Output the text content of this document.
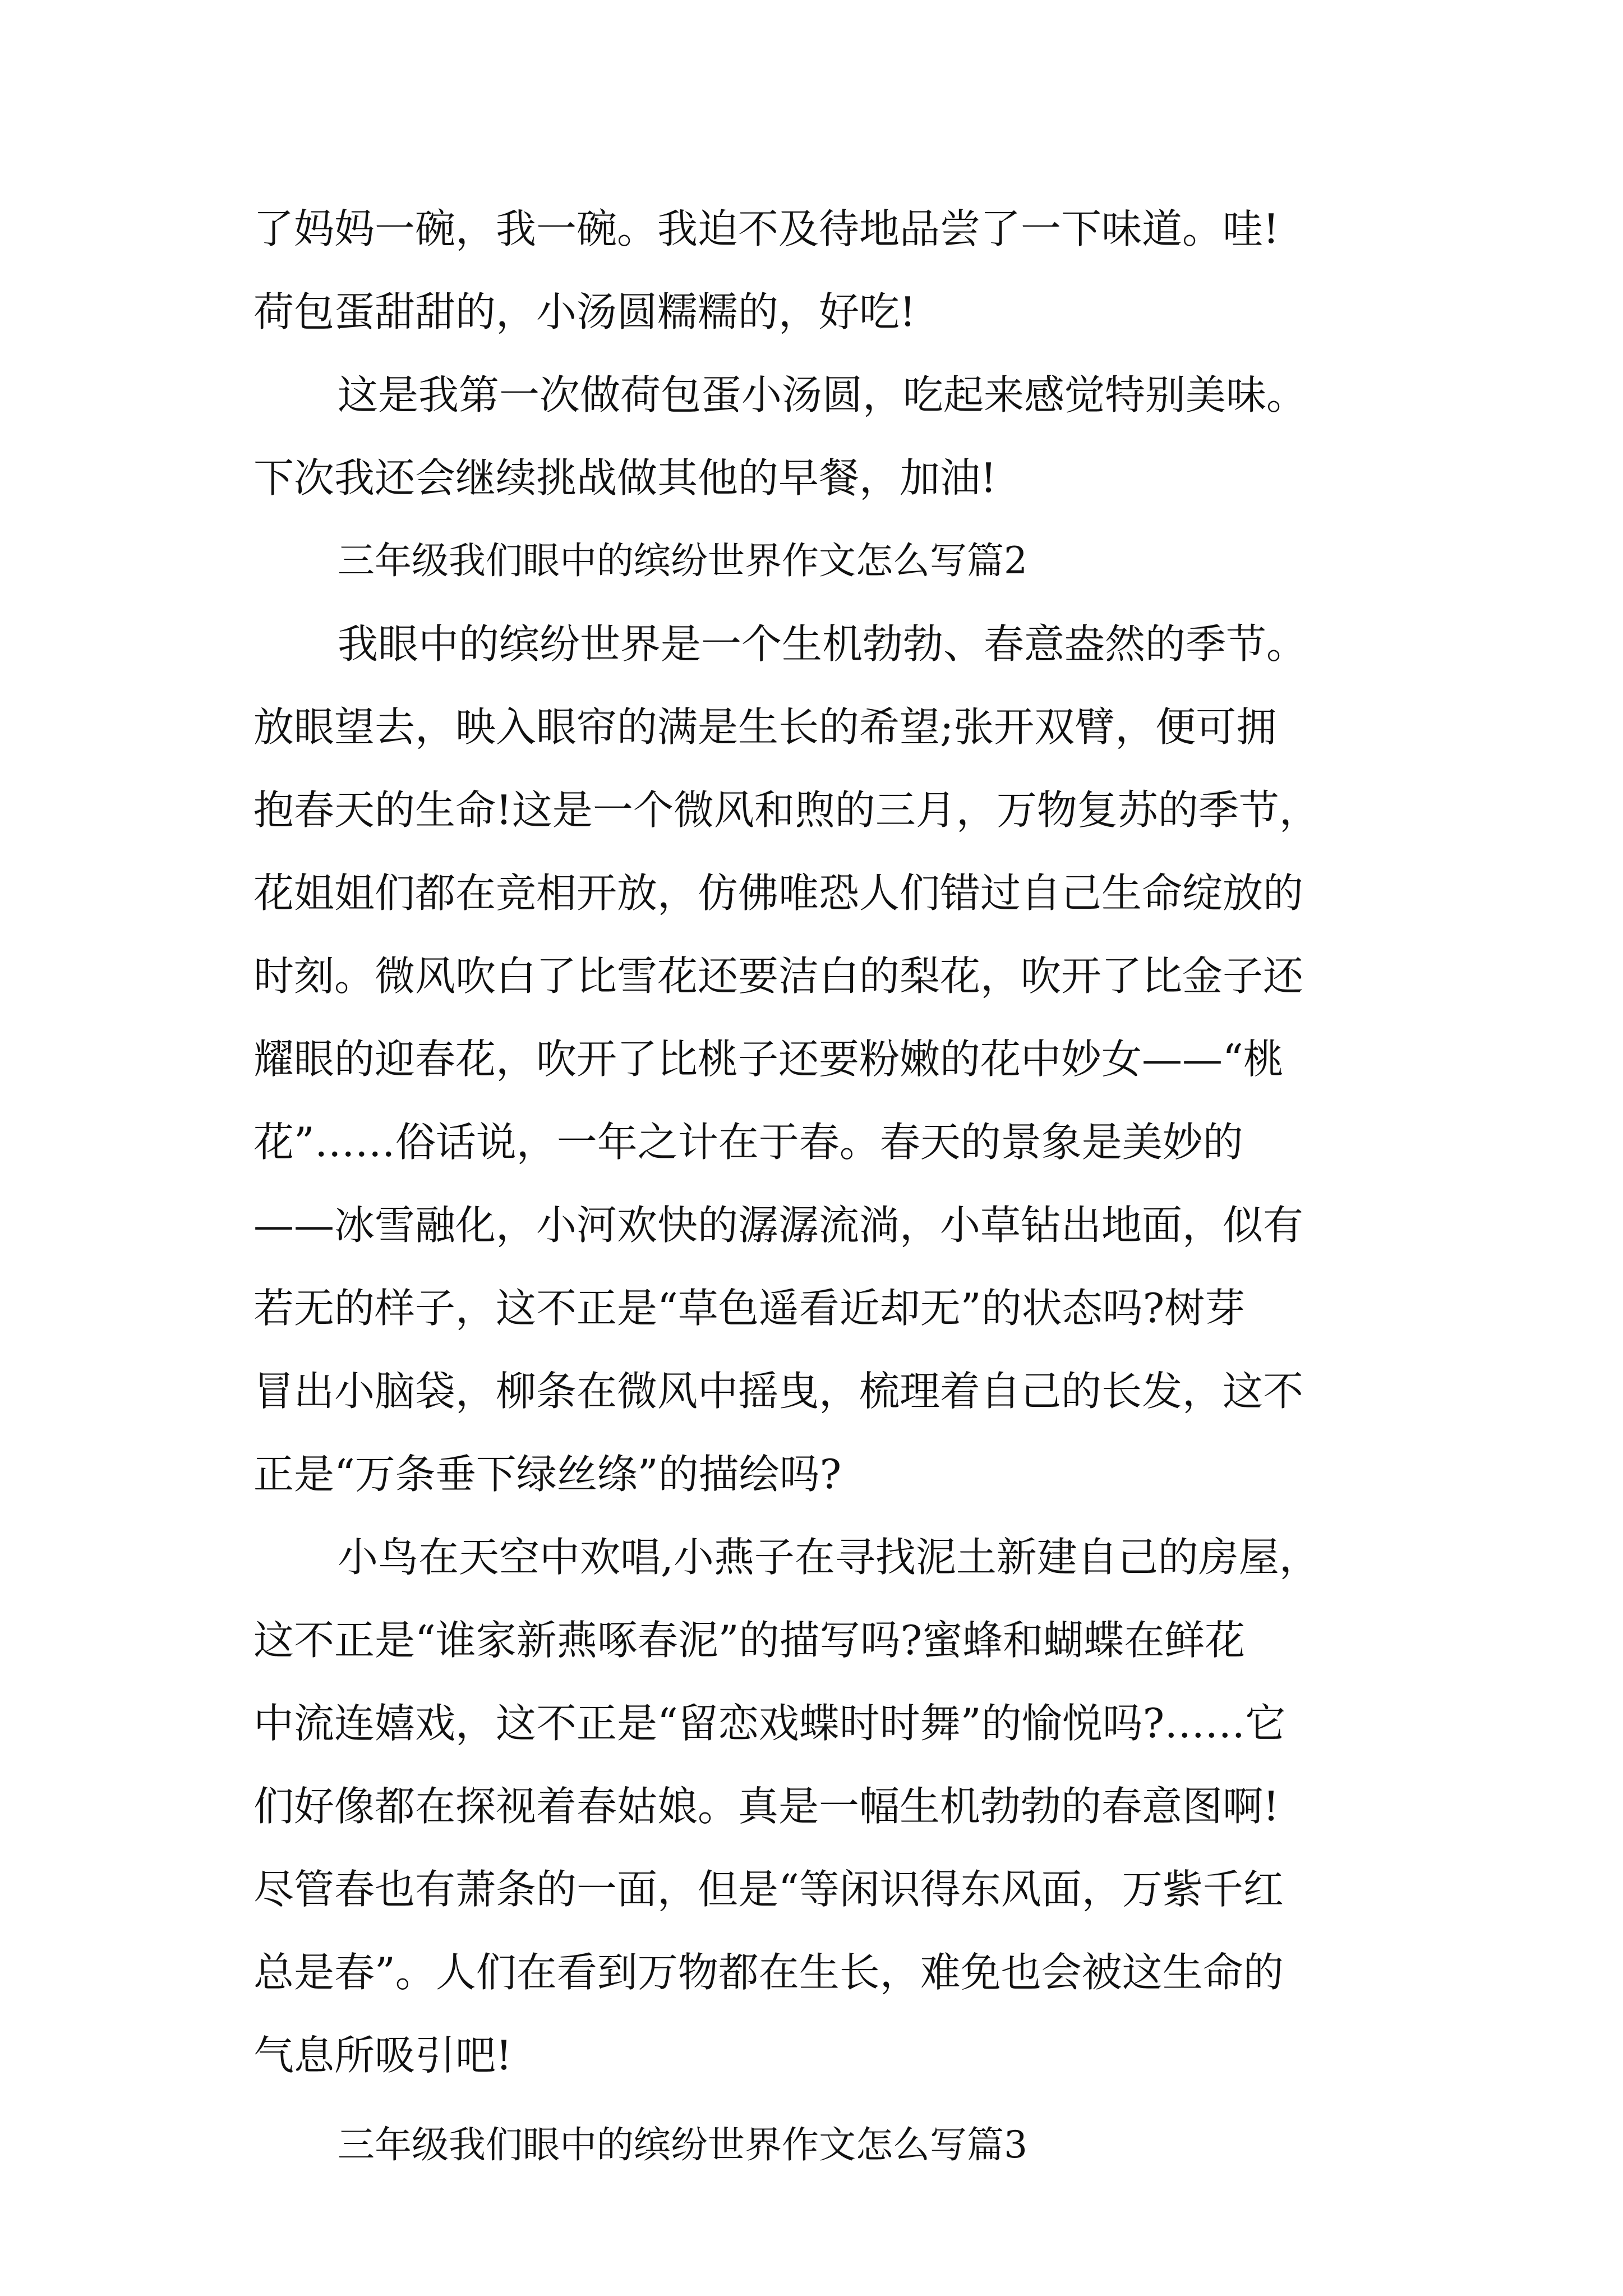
了妈妈一碗，我一碗。我迫不及待地品尝了一下味道。哇!

荷包蛋甜甜的，小汤圆糯糯的，好吃!

这是我第一次做荷包蛋小汤圆，吃起来感觉特别美味。

下次我还会继续挑战做其他的早餐，加油!

三年级我们眼中的缤纷世界作文怎么写篇2

我眼中的缤纷世界是一个生机勃勃、春意盎然的季节。

放眼望去，映入眼帘的满是生长的希望;张开双臂，便可拥

抱春天的生命!这是一个微风和煦的三月，万物复苏的季节，

花姐姐们都在竞相开放，仿佛唯恐人们错过自己生命绽放的

时刻。微风吹白了比雪花还要洁白的梨花，吹开了比金子还

耀眼的迎春花，吹开了比桃子还要粉嫩的花中妙女——“桃

花”……俗话说，一年之计在于春。春天的景象是美妙的

——冰雪融化，小河欢快的潺潺流淌，小草钻出地面，似有

若无的样子，这不正是“草色遥看近却无”的状态吗?树芽

冒出小脑袋，柳条在微风中摇曳，梳理着自己的长发，这不

正是“万条垂下绿丝绦”的描绘吗?

小鸟在天空中欢唱,小燕子在寻找泥土新建自己的房屋，

这不正是“谁家新燕啄春泥”的描写吗?蜜蜂和蝴蝶在鲜花

中流连嬉戏，这不正是“留恋戏蝶时时舞”的愉悦吗?……它

们好像都在探视着春姑娘。真是一幅生机勃勃的春意图啊!

尽管春也有萧条的一面，但是“等闲识得东风面，万紫千红

总是春”。人们在看到万物都在生长，难免也会被这生命的

气息所吸引吧!

三年级我们眼中的缤纷世界作文怎么写篇3
